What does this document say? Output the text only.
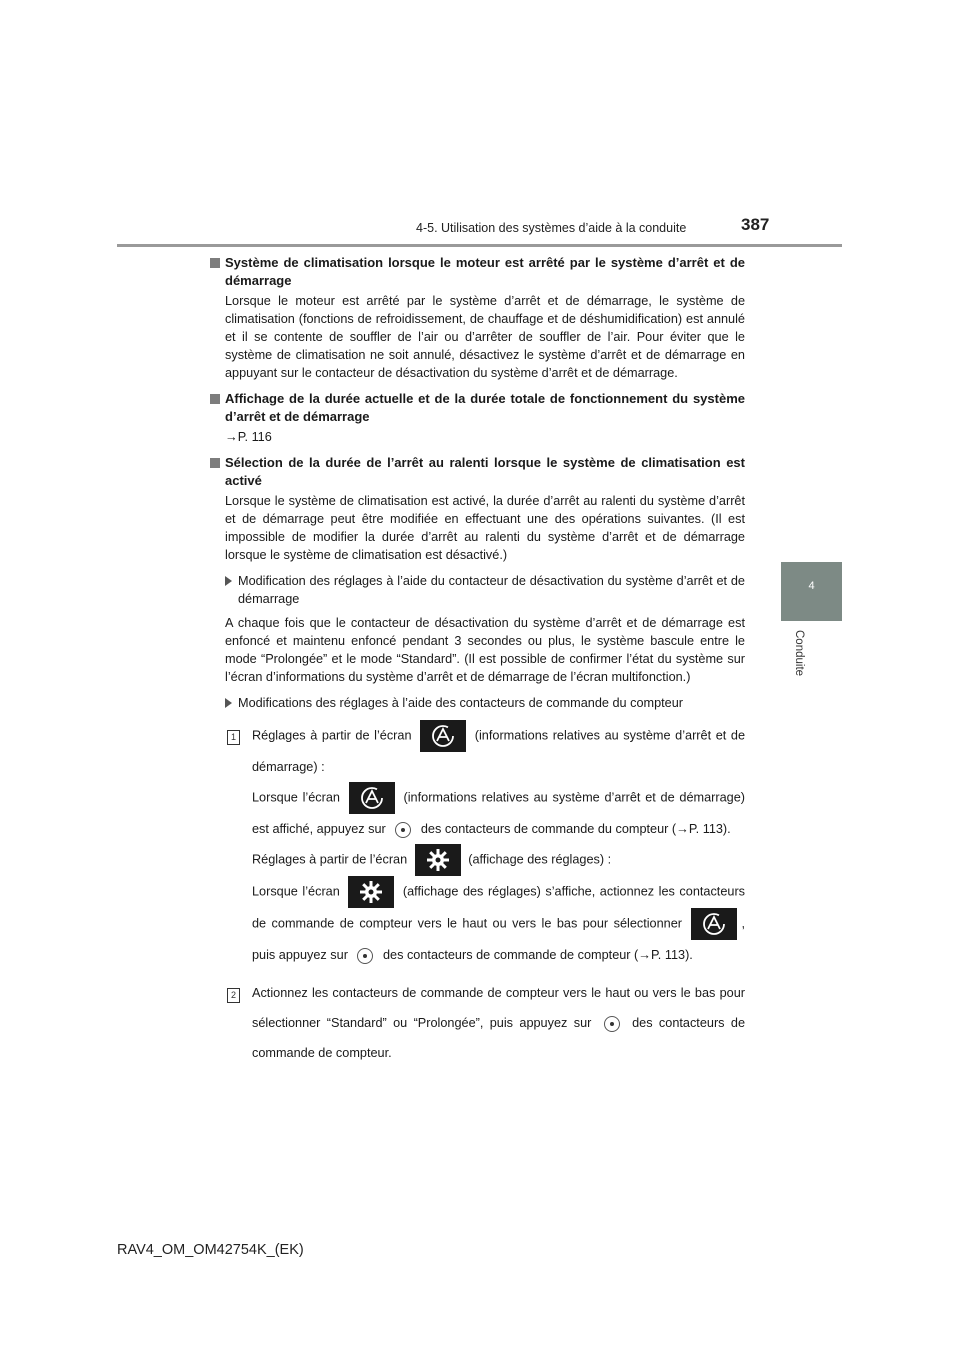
4-5. Utilisation des systèmes d’aide à la conduite	387
4
Conduite

Système de climatisation lorsque le moteur est arrêté par le système d’arrêt et de démarrage

Lorsque le moteur est arrêté par le système d’arrêt et de démarrage, le système de climatisation (fonctions de refroidissement, de chauffage et de déshumidification) est annulé et il se contente de souffler de l’air ou d’arrêter de souffler de l’air. Pour éviter que le système de climatisation ne soit annulé, désactivez le système d’arrêt et de démarrage en appuyant sur le contacteur de désactivation du système d’arrêt et de démarrage.

Affichage de la durée actuelle et de la durée totale de fonctionnement du système d’arrêt et de démarrage

→P. 116

Sélection de la durée de l’arrêt au ralenti lorsque le système de climatisation est activé

Lorsque le système de climatisation est activé, la durée d’arrêt au ralenti du système d’arrêt et de démarrage peut être modifiée en effectuant une des opérations suivantes. (Il est impossible de modifier la durée d’arrêt au ralenti du système d’arrêt et de démarrage lorsque le système de climatisation est désactivé.)

Modification des réglages à l’aide du contacteur de désactivation du système d’arrêt et de démarrage

A chaque fois que le contacteur de désactivation du système d’arrêt et de démarrage est enfoncé et maintenu enfoncé pendant 3 secondes ou plus, le système bascule entre le mode “Prolongée” et le mode “Standard”. (Il est possible de confirmer l’état du système sur l’écran d’informations du système d’arrêt et de démarrage de l’écran multifonction.)

Modifications des réglages à l’aide des contacteurs de commande du compteur
1	Réglages à partir de l’écran	(informations relatives au système d’arrêt et de démarrage) :

Lorsque l’écran	(informations relatives au système d’arrêt et de démarrage) est affiché, appuyez sur	des contacteurs de commande du compteur (→P. 113).

Réglages à partir de l’écran	(affichage des réglages) :

Lorsque l’écran	(affichage des réglages) s’affiche, actionnez les contacteurs de commande de compteur vers le haut ou vers le bas pour sélectionner	, puis appuyez sur	des contacteurs de commande de compteur (→P. 113).

2	Actionnez les contacteurs de commande de compteur vers le haut ou vers le bas pour sélectionner “Standard” ou “Prolongée”, puis appuyez sur	des contacteurs de commande de compteur.

RAV4_OM_OM42754K_(EK)
